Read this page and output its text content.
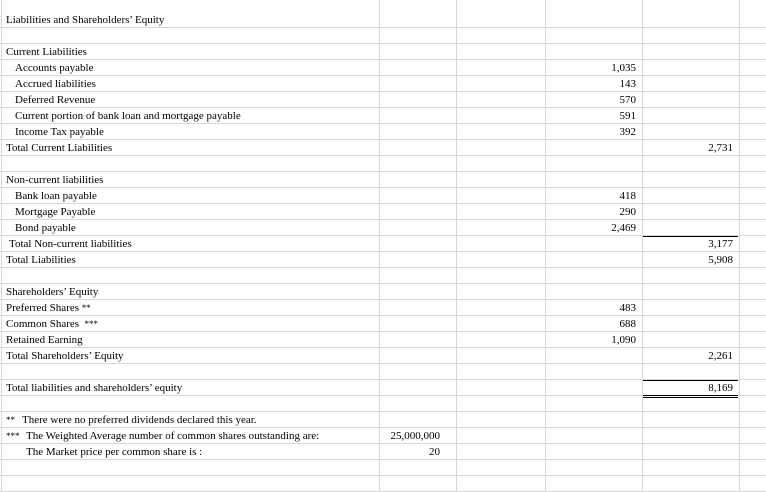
Liabilities and Shareholders’ Equity
Current Liabilities
Accounts payable	1,035
Accrued liabilities	143
Deferred Revenue	570
Current portion of bank loan and mortgage payable	591
Income Tax payable	392
Total Current Liabilities	2,731
Non-current liabilities
Bank loan payable	418
Mortgage Payable	290
Bond payable	2,469
Total Non-current liabilities	3,177
Total Liabilities	5,908
Shareholders’ Equity
Preferred Shares **	483
Common Shares ***	688
Retained Earning	1,090
Total Shareholders’ Equity	2,261
Total liabilities and shareholders’ equity	8,169
** There were no preferred dividends declared this year.
*** The Weighted Average number of common shares outstanding are:	25,000,000
The Market price per common share is :	20
